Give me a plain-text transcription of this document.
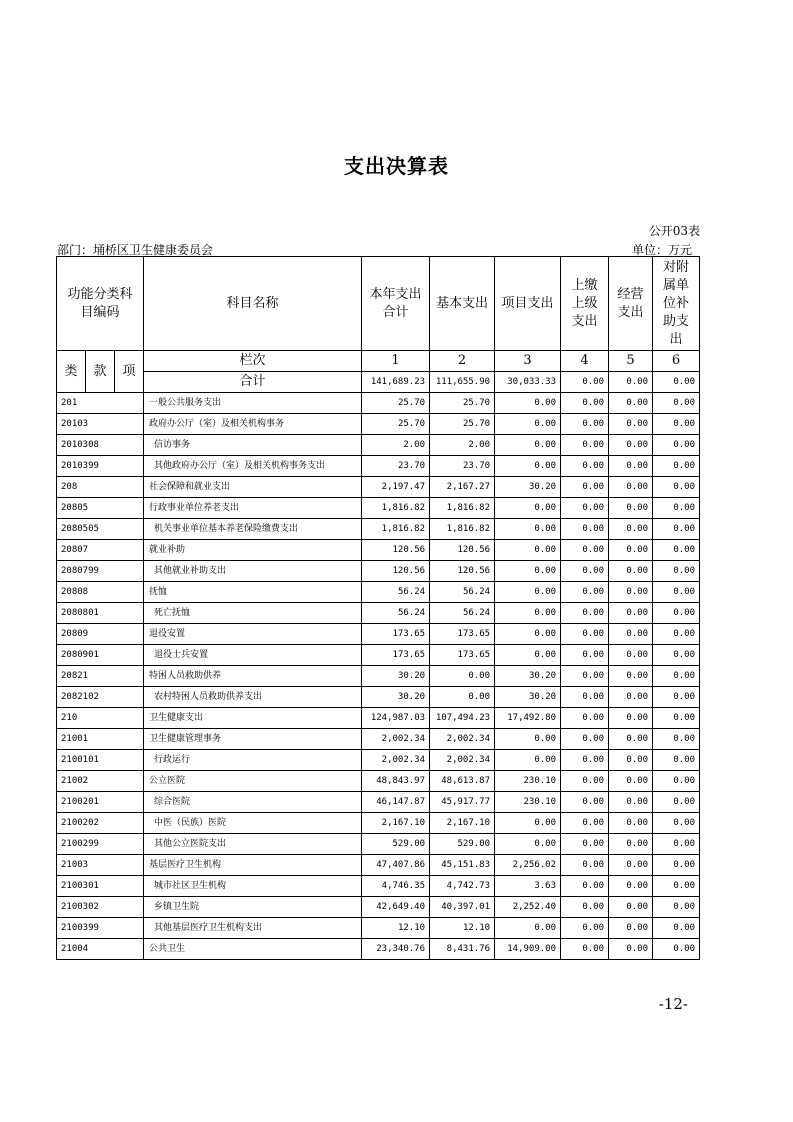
支出决算表
公开03表
部门：埇桥区卫生健康委员会	单位：万元
功能分类科目编码			科目名称	本年支出合计	基本支出	项目支出	上缴上级支出	经营支出	对附属单位补助支出
类	款	项	栏次	1	2	3	4	5	6
			合计	141,689.23	111,655.90	30,033.33	0.00	0.00	0.00
201			一般公共服务支出	25.70	25.70	0.00	0.00	0.00	0.00
20103			政府办公厅（室）及相关机构事务	25.70	25.70	0.00	0.00	0.00	0.00
2010308			信访事务	2.00	2.00	0.00	0.00	0.00	0.00
2010399			其他政府办公厅（室）及相关机构事务支出	23.70	23.70	0.00	0.00	0.00	0.00
208			社会保障和就业支出	2,197.47	2,167.27	30.20	0.00	0.00	0.00
20805			行政事业单位养老支出	1,816.82	1,816.82	0.00	0.00	0.00	0.00
2080505			机关事业单位基本养老保险缴费支出	1,816.82	1,816.82	0.00	0.00	0.00	0.00
20807			就业补助	120.56	120.56	0.00	0.00	0.00	0.00
2080799			其他就业补助支出	120.56	120.56	0.00	0.00	0.00	0.00
20808			抚恤	56.24	56.24	0.00	0.00	0.00	0.00
2080801			死亡抚恤	56.24	56.24	0.00	0.00	0.00	0.00
20809			退役安置	173.65	173.65	0.00	0.00	0.00	0.00
2080901			退役士兵安置	173.65	173.65	0.00	0.00	0.00	0.00
20821			特困人员救助供养	30.20	0.00	30.20	0.00	0.00	0.00
2082102			农村特困人员救助供养支出	30.20	0.00	30.20	0.00	0.00	0.00
210			卫生健康支出	124,987.03	107,494.23	17,492.80	0.00	0.00	0.00
21001			卫生健康管理事务	2,002.34	2,002.34	0.00	0.00	0.00	0.00
2100101			行政运行	2,002.34	2,002.34	0.00	0.00	0.00	0.00
21002			公立医院	48,843.97	48,613.87	230.10	0.00	0.00	0.00
2100201			综合医院	46,147.87	45,917.77	230.10	0.00	0.00	0.00
2100202			中医（民族）医院	2,167.10	2,167.10	0.00	0.00	0.00	0.00
2100299			其他公立医院支出	529.00	529.00	0.00	0.00	0.00	0.00
21003			基层医疗卫生机构	47,407.86	45,151.83	2,256.02	0.00	0.00	0.00
2100301			城市社区卫生机构	4,746.35	4,742.73	3.63	0.00	0.00	0.00
2100302			乡镇卫生院	42,649.40	40,397.01	2,252.40	0.00	0.00	0.00
2100399			其他基层医疗卫生机构支出	12.10	12.10	0.00	0.00	0.00	0.00
21004			公共卫生	23,340.76	8,431.76	14,909.00	0.00	0.00	0.00
-12-
